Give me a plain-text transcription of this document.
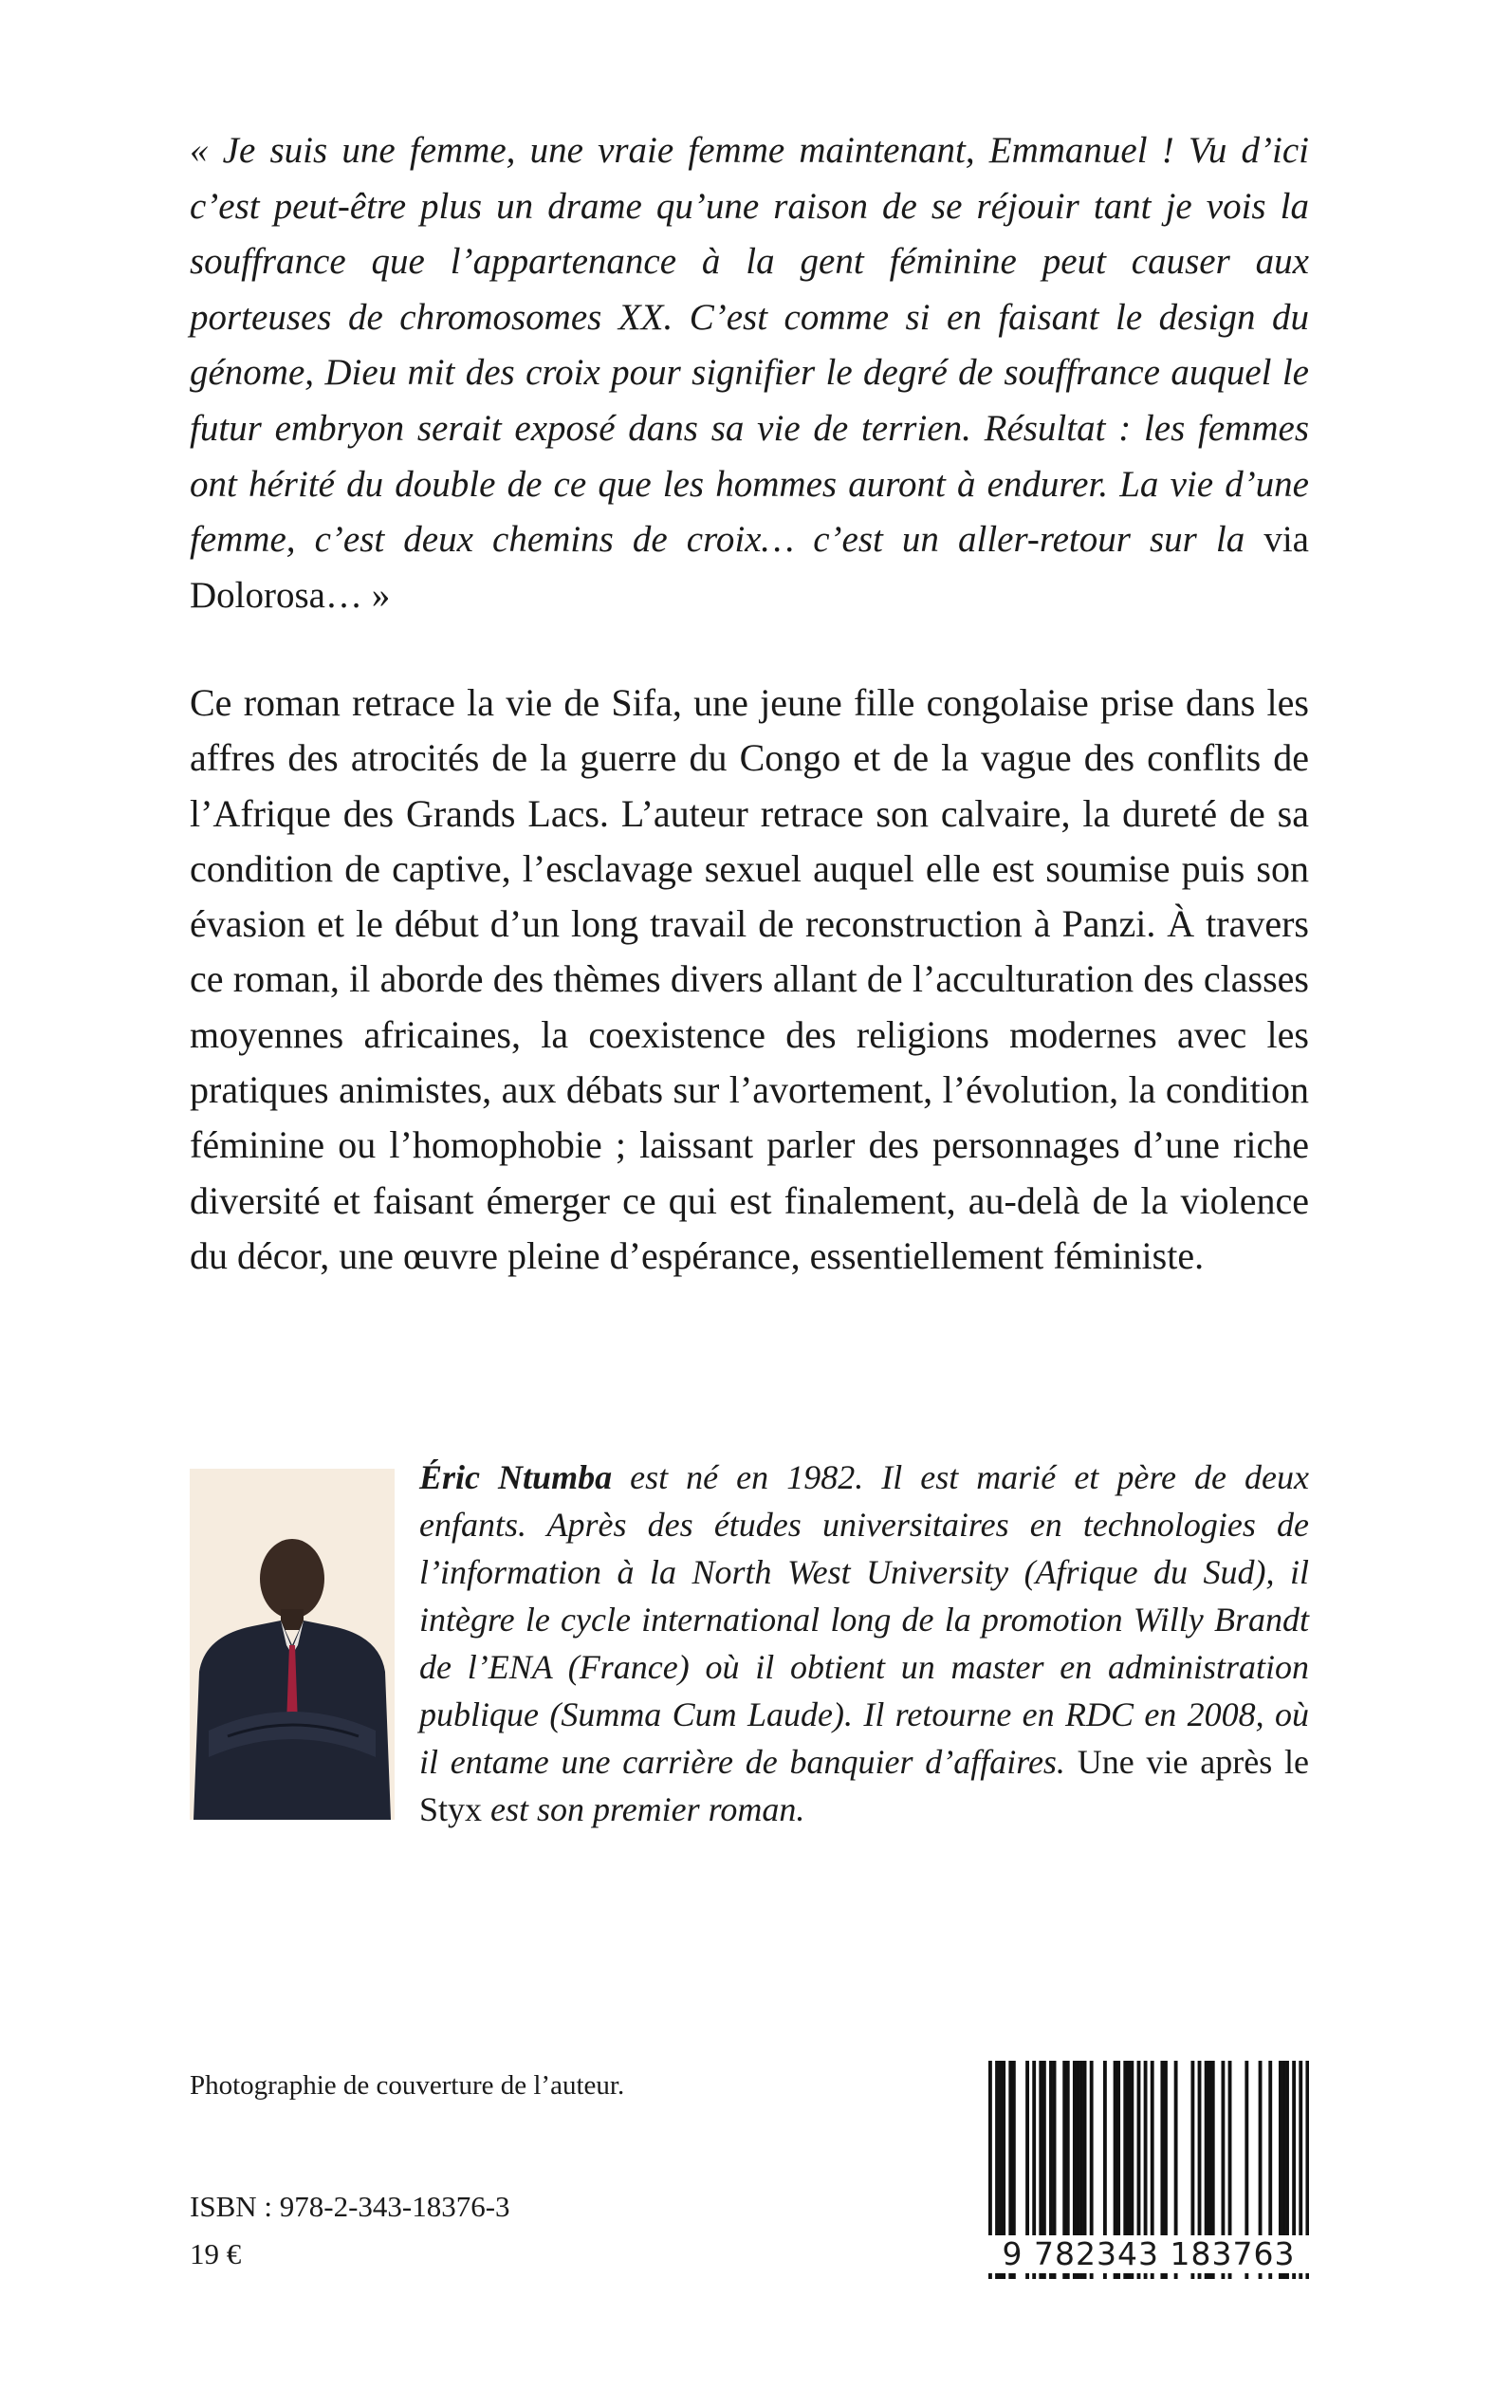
« Je suis une femme, une vraie femme maintenant, Emmanuel ! Vu d’ici c’est peut-être plus un drame qu’une raison de se réjouir tant je vois la souffrance que l’appartenance à la gent féminine peut causer aux porteuses de chromosomes XX. C’est comme si en faisant le design du génome, Dieu mit des croix pour signifier le degré de souffrance auquel le futur embryon serait exposé dans sa vie de terrien. Résultat : les femmes ont hérité du double de ce que les hommes auront à endurer. La vie d’une femme, c’est deux chemins de croix… c’est un aller-retour sur la via Dolorosa… »

Ce roman retrace la vie de Sifa, une jeune fille congolaise prise dans les affres des atrocités de la guerre du Congo et de la vague des conflits de l’Afrique des Grands Lacs. L’auteur retrace son calvaire, la dureté de sa condition de captive, l’esclavage sexuel auquel elle est soumise puis son évasion et le début d’un long travail de reconstruction à Panzi. À travers ce roman, il aborde des thèmes divers allant de l’acculturation des classes moyennes africaines, la coexistence des religions modernes avec les pratiques animistes, aux débats sur l’avortement, l’évolution, la condition féminine ou l’homophobie ; laissant parler des personnages d’une riche diversité et faisant émerger ce qui est finalement, au-delà de la violence du décor, une œuvre pleine d’espérance, essentiellement féministe.

Éric Ntumba est né en 1982. Il est marié et père de deux enfants. Après des études universitaires en technologies de l’information à la North West University (Afrique du Sud), il intègre le cycle international long de la promotion Willy Brandt de l’ENA (France) où il obtient un master en administration publique (Summa Cum Laude). Il retourne en RDC en 2008, où il entame une carrière de banquier d’affaires. Une vie après le Styx est son premier roman.

Photographie de couverture de l’auteur.

ISBN : 978-2-343-18376-3

19 €	9 782343 183763
